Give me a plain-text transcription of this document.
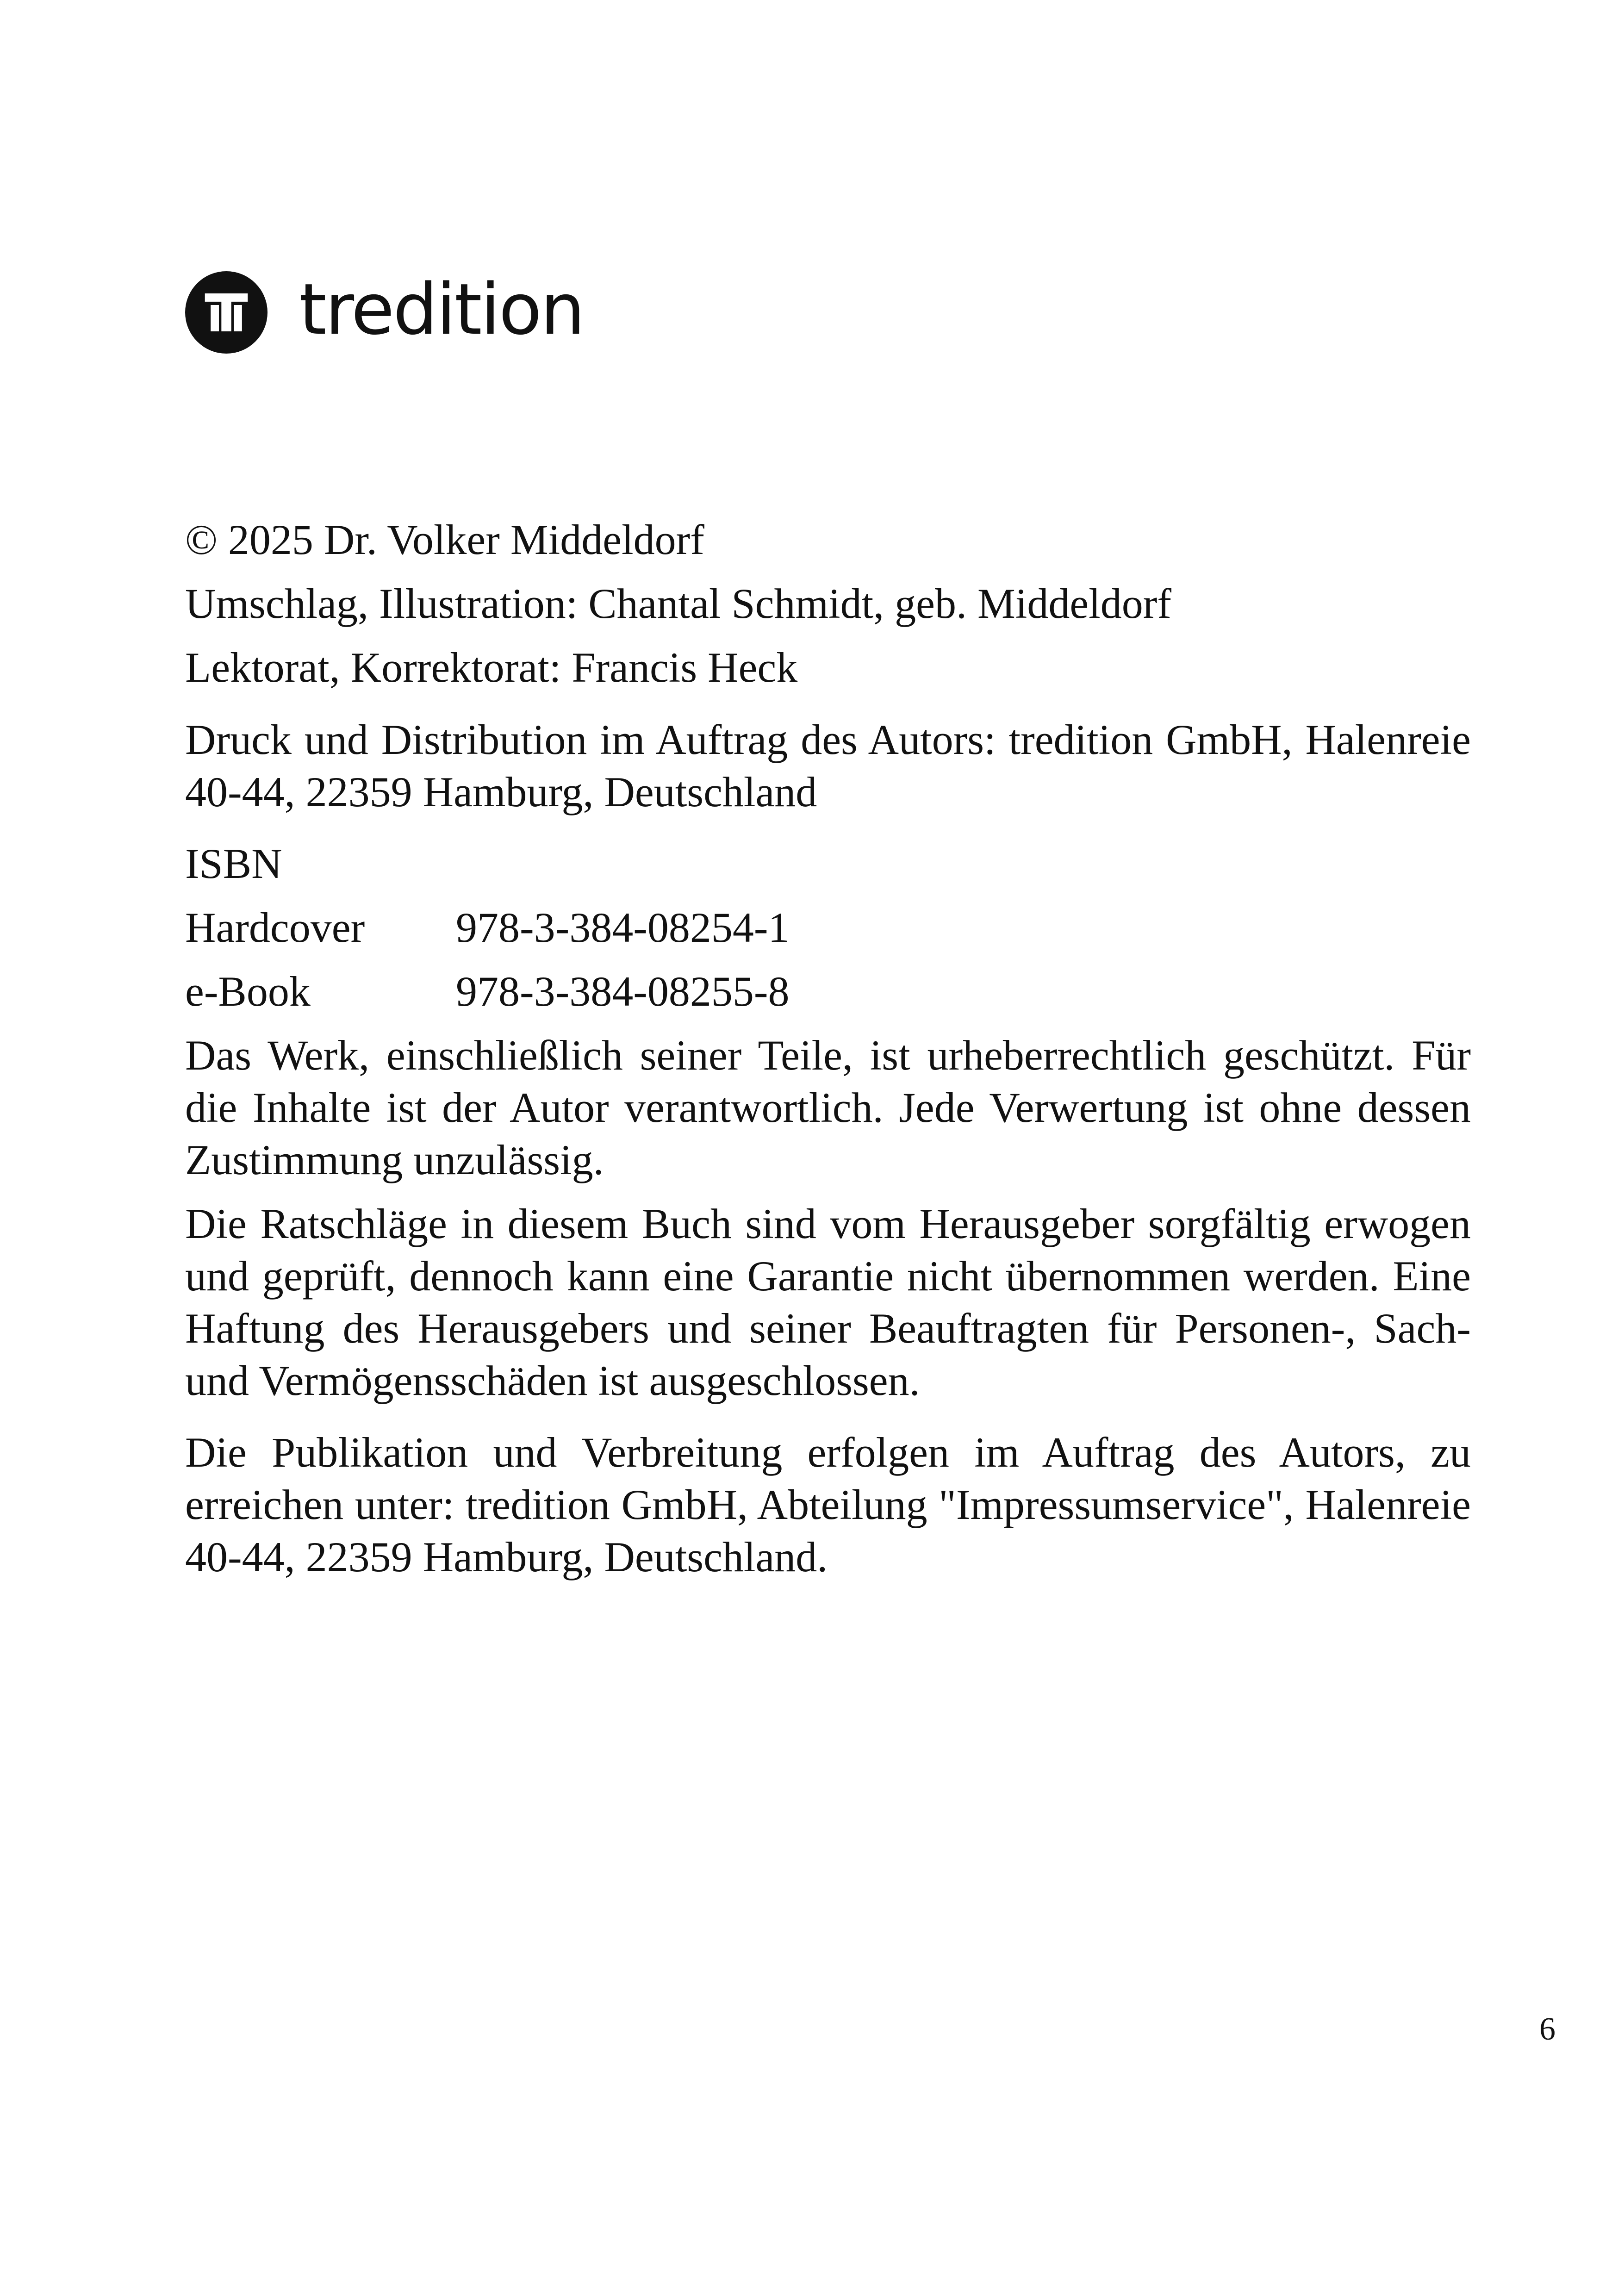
tredition

© 2025 Dr. Volker Middeldorf

Umschlag, Illustration: Chantal Schmidt, geb. Middeldorf

Lektorat, Korrektorat: Francis Heck

Druck und Distribution im Auftrag des Autors: tredition GmbH, Halenreie 40-44, 22359 Hamburg, Deutschland

ISBN

Hardcover	978-3-384-08254-1
e-Book	978-3-384-08255-8

Das Werk, einschließlich seiner Teile, ist urheberrechtlich geschützt. Für die Inhalte ist der Autor verantwortlich. Jede Verwertung ist ohne dessen Zustimmung unzulässig.

Die Ratschläge in diesem Buch sind vom Herausgeber sorgfältig erwogen und geprüft, dennoch kann eine Garantie nicht übernommen werden. Eine Haftung des Herausgebers und seiner Beauftragten für Personen-, Sach- und Vermögensschäden ist ausgeschlossen.

Die Publikation und Verbreitung erfolgen im Auftrag des Autors, zu erreichen unter: tredition GmbH, Abteilung "Impressumservice", Halenreie 40-44, 22359 Hamburg, Deutschland.

6
